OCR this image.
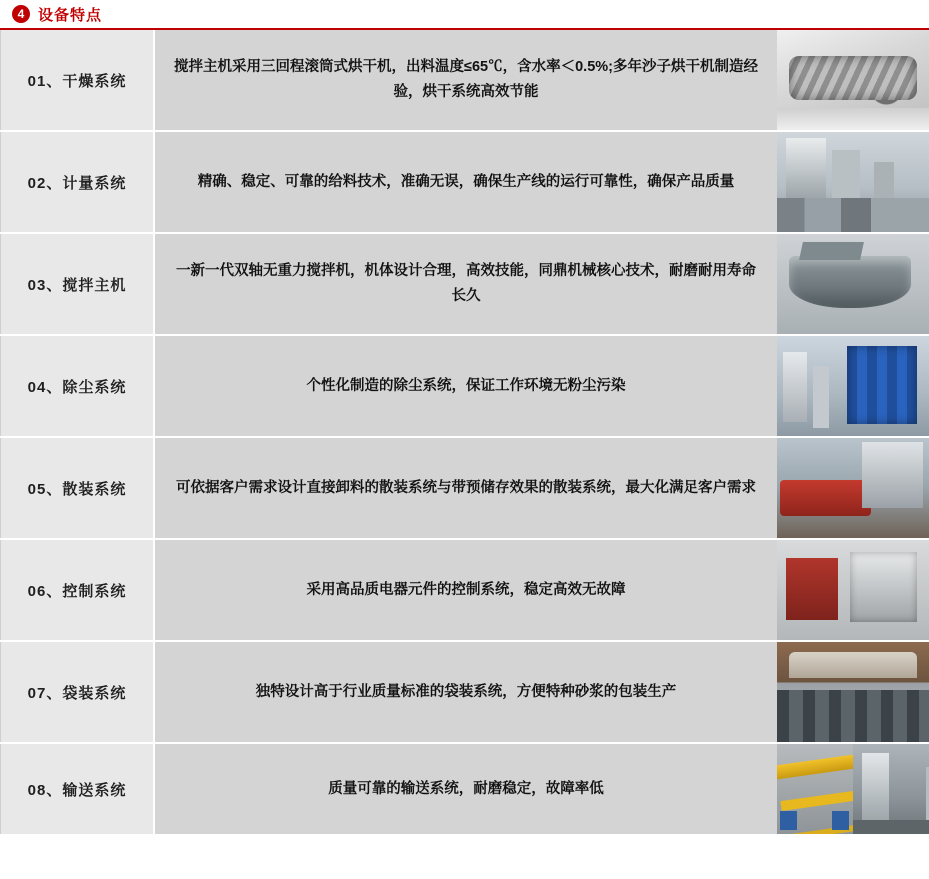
4 设备特点
01、干燥系统	搅拌主机采用三回程滚筒式烘干机，出料温度≤65℃，含水率＜0.5%;多年沙子烘干机制造经验，烘干系统高效节能	

02、计量系统	精确、稳定、可靠的给料技术，准确无误，确保生产线的运行可靠性，确保产品质量	

03、搅拌主机	一新一代双轴无重力搅拌机，机体设计合理，高效技能，同鼎机械核心技术，耐磨耐用寿命长久	

04、除尘系统	个性化制造的除尘系统，保证工作环境无粉尘污染	

05、散装系统	可依据客户需求设计直接卸料的散装系统与带预储存效果的散装系统，最大化满足客户需求	

06、控制系统	采用高品质电器元件的控制系统，稳定高效无故障	

07、袋装系统	独特设计高于行业质量标准的袋装系统，方便特种砂浆的包装生产	

08、输送系统	质量可靠的输送系统，耐磨稳定，故障率低	
